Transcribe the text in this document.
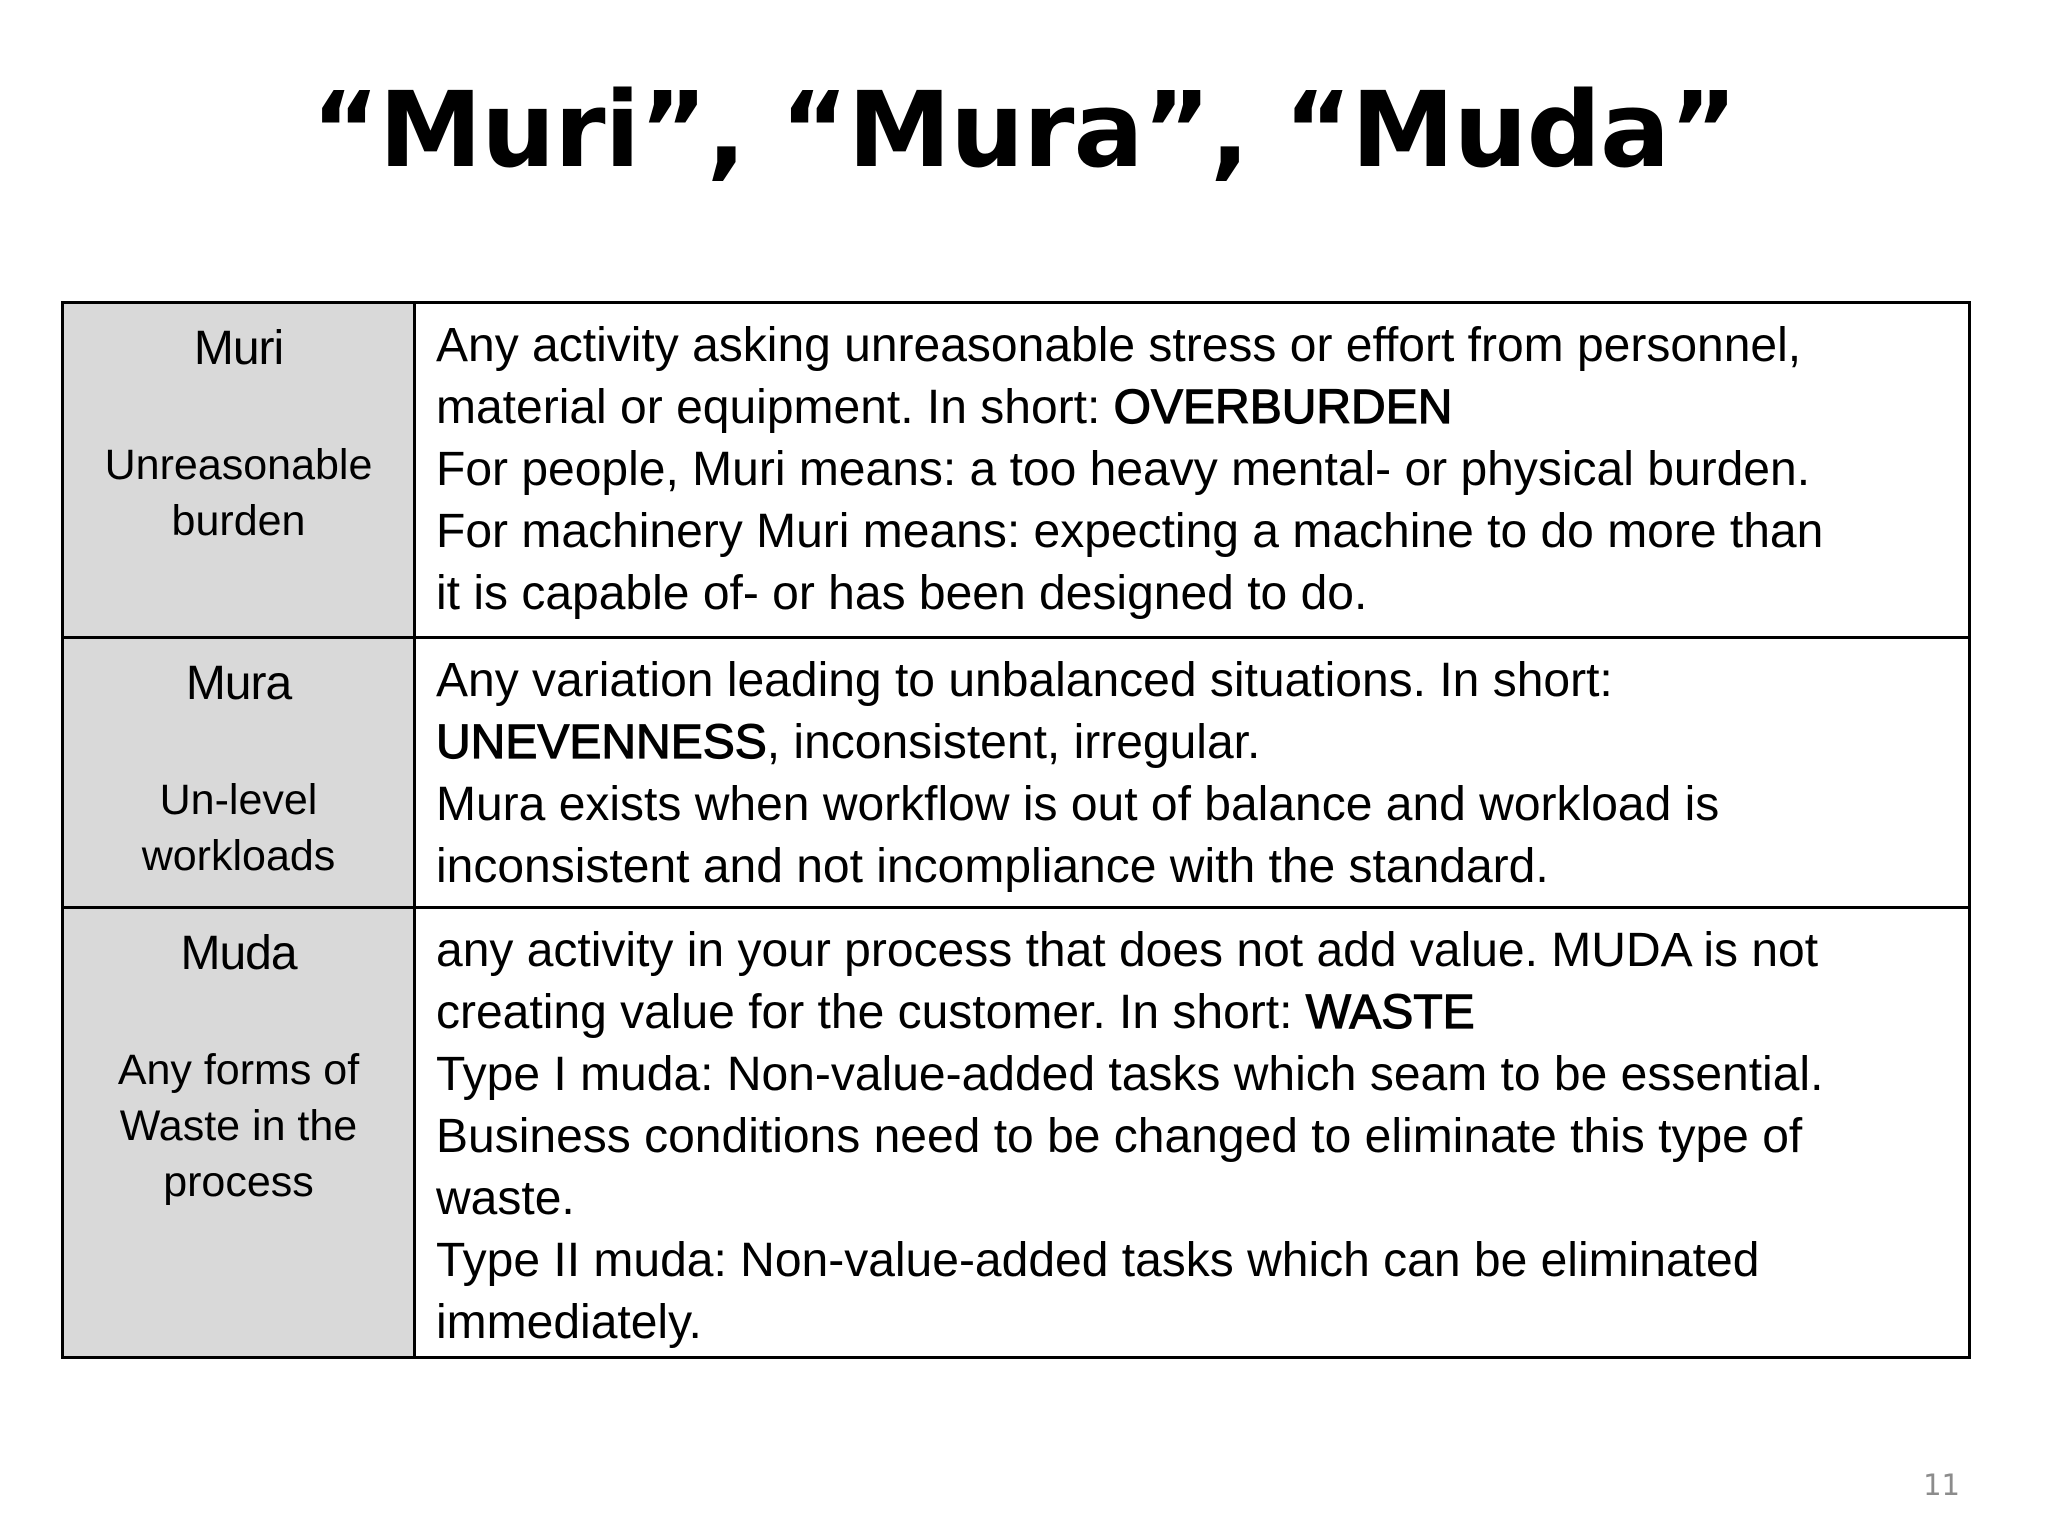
“Muri”, “Mura”, “Muda”
Muri
Unreasonable
burden
Any activity asking unreasonable stress or effort from personnel,
material or equipment. In short: OVERBURDEN
For people, Muri means: a too heavy mental- or physical burden.
For machinery Muri means: expecting a machine to do more than
it is capable of- or has been designed to do.
Mura
Un-level
workloads
Any variation leading to unbalanced situations. In short:
UNEVENNESS, inconsistent, irregular.
Mura exists when workflow is out of balance and workload is
inconsistent and not incompliance with the standard.
Muda
Any forms of
Waste in the
process
any activity in your process that does not add value. MUDA is not
creating value for the customer. In short: WASTE
Type I muda: Non-value-added tasks which seam to be essential.
Business conditions need to be changed to eliminate this type of
waste.
Type II muda: Non-value-added tasks which can be eliminated
immediately.
11
